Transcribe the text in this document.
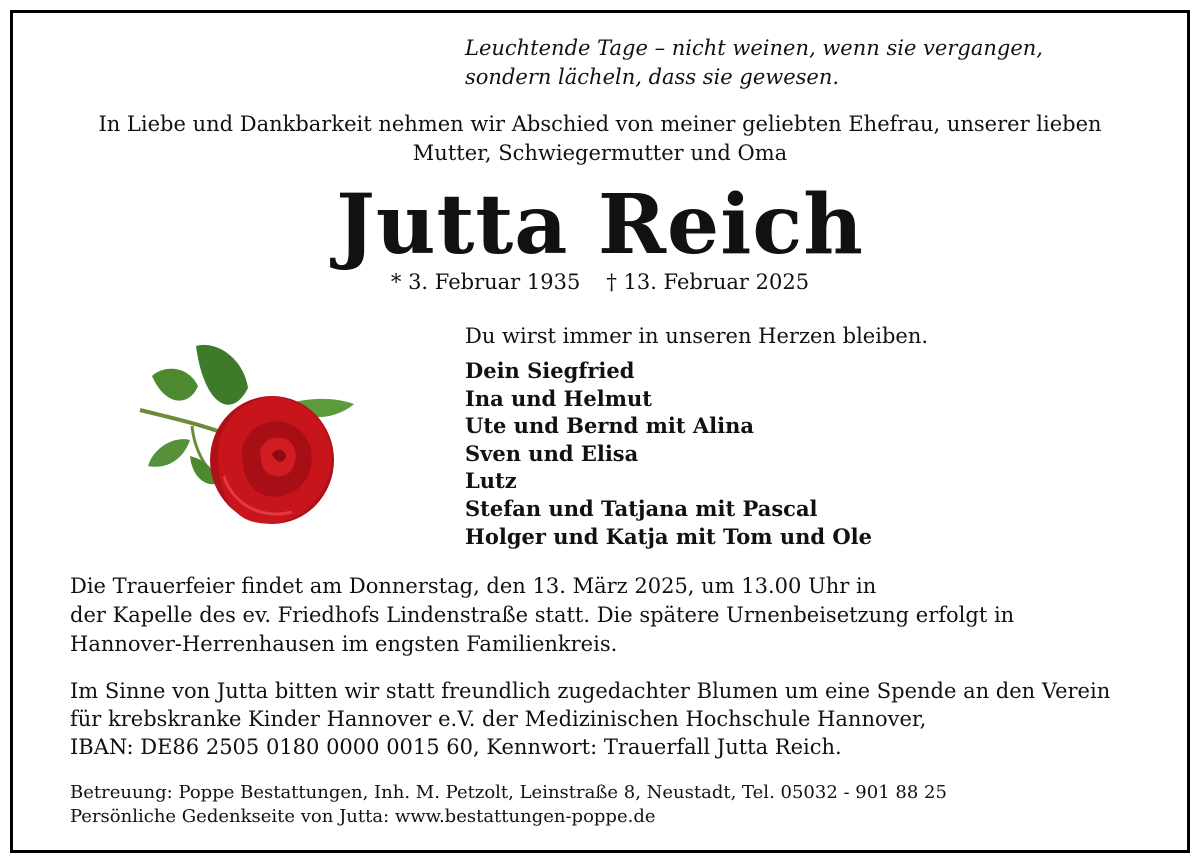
Leuchtende Tage – nicht weinen, wenn sie vergangen,
sondern lächeln, dass sie gewesen.
In Liebe und Dankbarkeit nehmen wir Abschied von meiner geliebten Ehefrau, unserer lieben
Mutter, Schwiegermutter und Oma
Jutta Reich
* 3. Februar 1935 † 13. Februar 2025
Du wirst immer in unseren Herzen bleiben.
Dein Siegfried
Ina und Helmut
Ute und Bernd mit Alina
Sven und Elisa
Lutz
Stefan und Tatjana mit Pascal
Holger und Katja mit Tom und Ole
Die Trauerfeier findet am Donnerstag, den 13. März 2025, um 13.00 Uhr in
der Kapelle des ev. Friedhofs Lindenstraße statt. Die spätere Urnenbeisetzung erfolgt in
Hannover-Herrenhausen im engsten Familienkreis.
Im Sinne von Jutta bitten wir statt freundlich zugedachter Blumen um eine Spende an den Verein
für krebskranke Kinder Hannover e.V. der Medizinischen Hochschule Hannover,
IBAN: DE86 2505 0180 0000 0015 60, Kennwort: Trauerfall Jutta Reich.
Betreuung: Poppe Bestattungen, Inh. M. Petzolt, Leinstraße 8, Neustadt, Tel. 05032 - 901 88 25
Persönliche Gedenkseite von Jutta: www.bestattungen-poppe.de
